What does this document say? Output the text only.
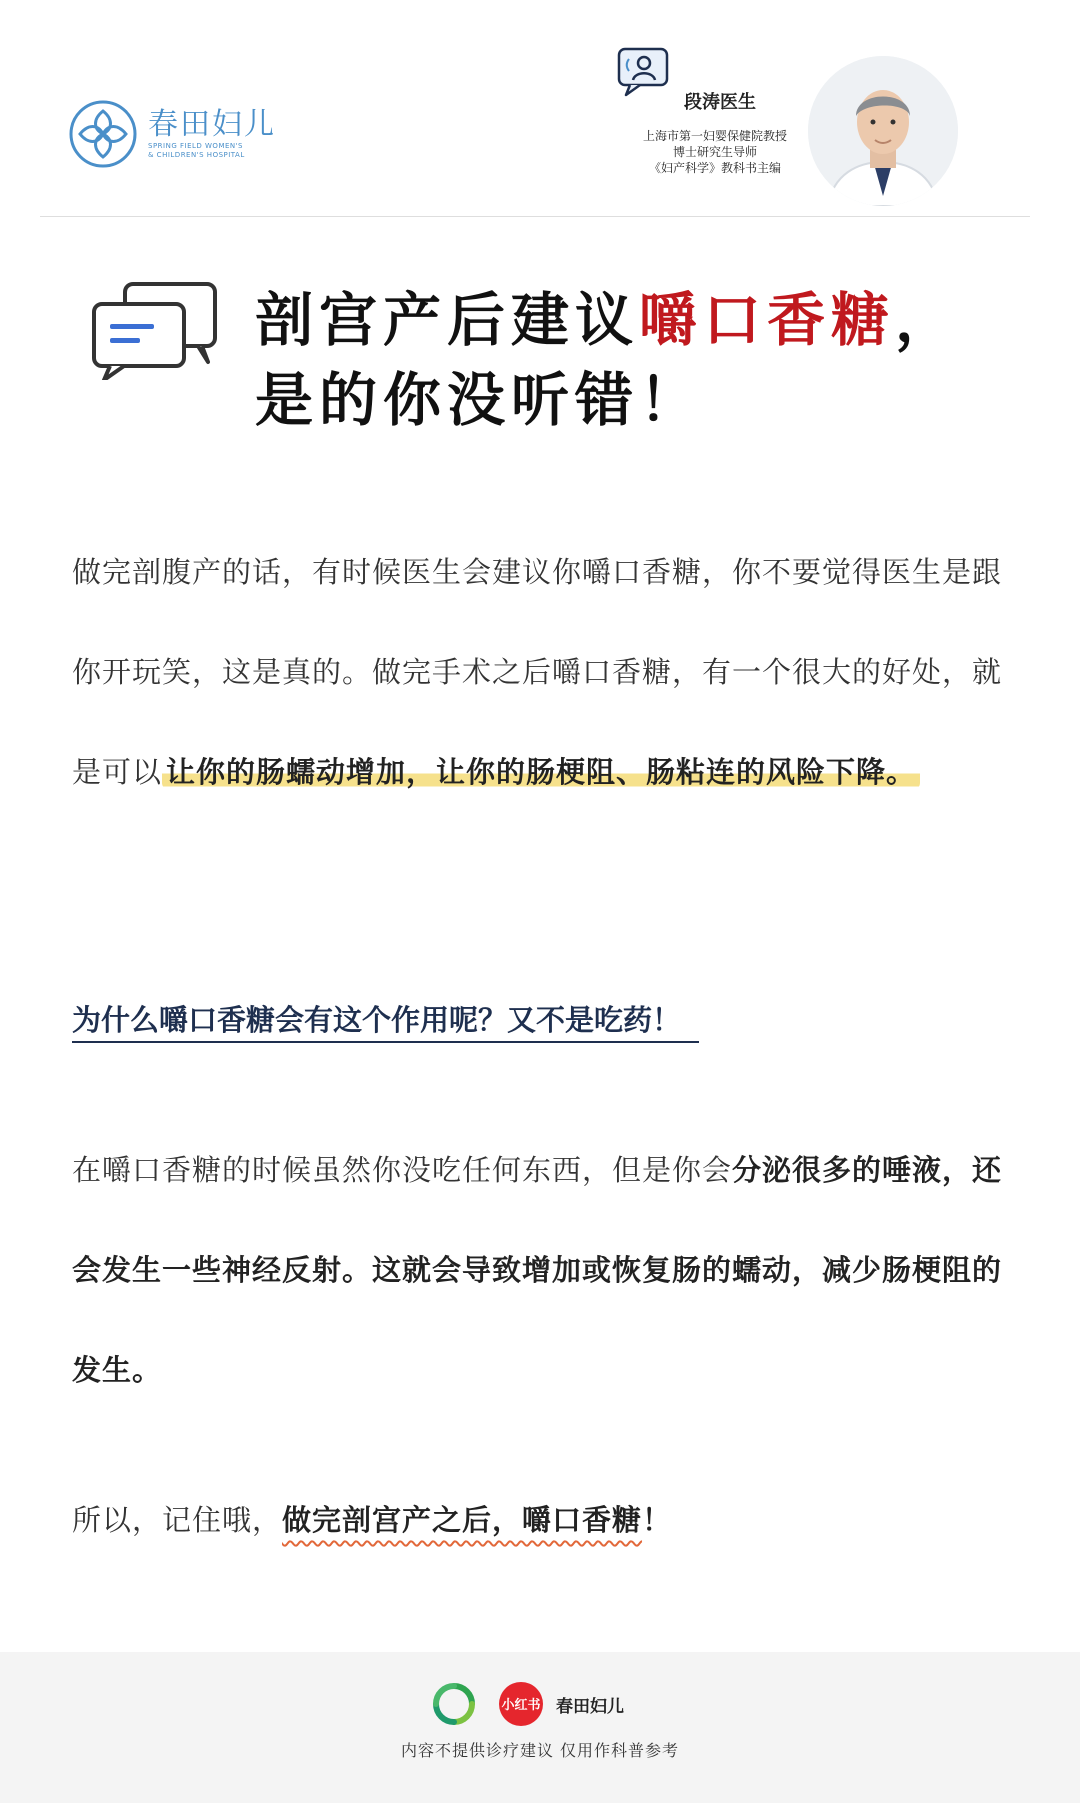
春田妇儿
SPRING FIELD WOMEN'S
& CHILDREN'S HOSPITAL
段涛医生
上海市第一妇婴保健院教授
博士研究生导师
《妇产科学》教科书主编
剖宫产后建议嚼口香糖，
是的你没听错！
做完剖腹产的话，有时候医生会建议你嚼口香糖，你不要觉得医生是跟你开玩笑，这是真的。做完手术之后嚼口香糖，有一个很大的好处，就是可以 让你的肠蠕动增加，让你的肠梗阻、肠粘连的风险下降。
为什么嚼口香糖会有这个作用呢？又不是吃药！
在嚼口香糖的时候虽然你没吃任何东西，但是你会分泌很多的唾液，还会发生一些神经反射。这就会导致增加或恢复肠的蠕动，减少肠梗阻的发生。
所以，记住哦，做完剖宫产之后，嚼口香糖！
小红书 春田妇儿
内容不提供诊疗建议 仅用作科普参考
